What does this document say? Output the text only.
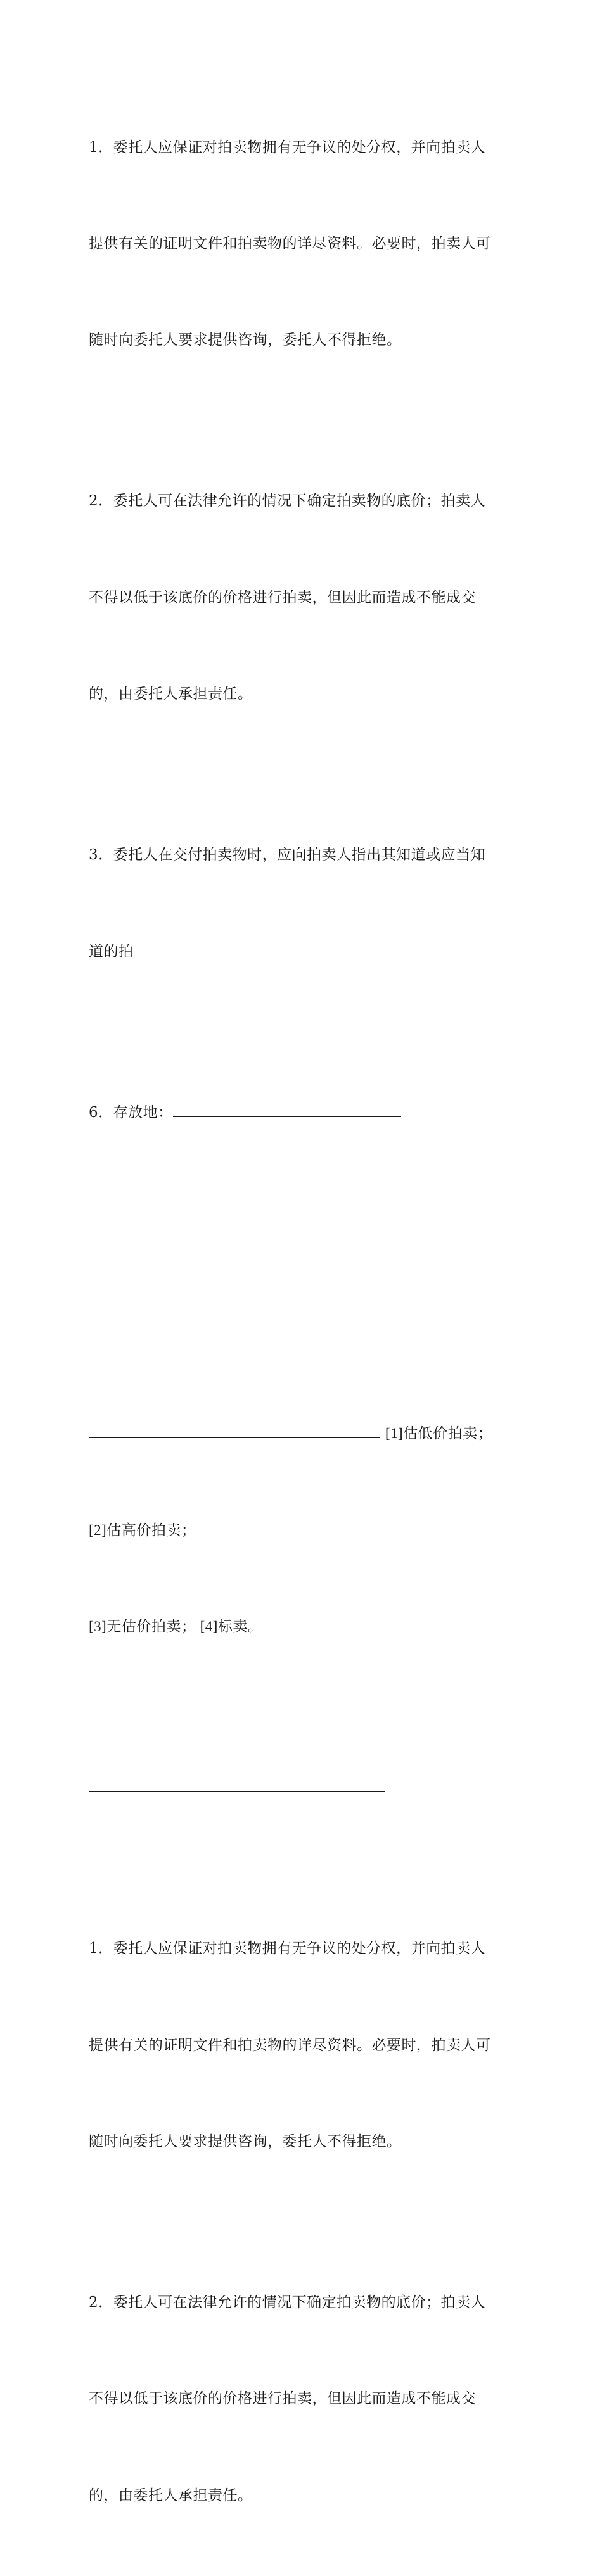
1．委托人应保证对拍卖物拥有无争议的处分权，并向拍卖人

提供有关的证明文件和拍卖物的详尽资料。必要时，拍卖人可

随时向委托人要求提供咨询，委托人不得拒绝。

2．委托人可在法律允许的情况下确定拍卖物的底价；拍卖人

不得以低于该底价的价格进行拍卖，但因此而造成不能成交

的，由委托人承担责任。

3．委托人在交付拍卖物时，应向拍卖人指出其知道或应当知

道的拍

6．存放地：

[1]估低价拍卖；

[2]估高价拍卖；

[3]无估价拍卖； [4]标卖。

1．委托人应保证对拍卖物拥有无争议的处分权，并向拍卖人

提供有关的证明文件和拍卖物的详尽资料。必要时，拍卖人可

随时向委托人要求提供咨询，委托人不得拒绝。

2．委托人可在法律允许的情况下确定拍卖物的底价；拍卖人

不得以低于该底价的价格进行拍卖，但因此而造成不能成交

的，由委托人承担责任。
